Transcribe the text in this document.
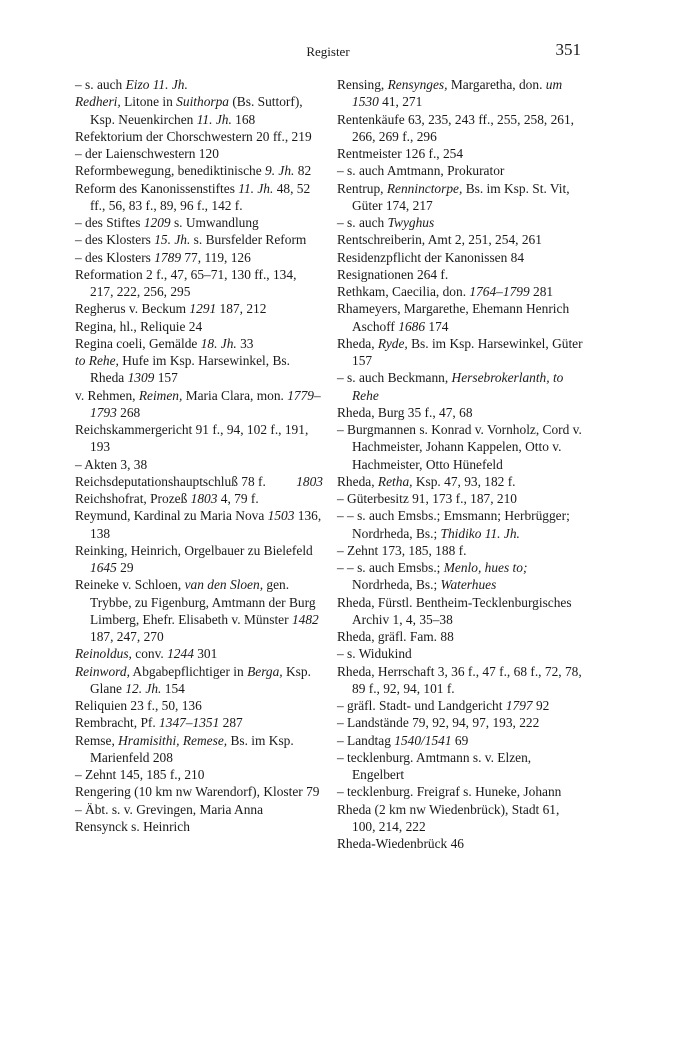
Register	351
– s. auch Eizo 11. Jh.
Redheri, Litone in Suithorpa (Bs. Suttorf), Ksp. Neuenkirchen 11. Jh. 168
Refektorium der Chorschwestern 20 ff., 219
– der Laienschwestern 120
Reformbewegung, benediktinische 9. Jh. 82
Reform des Kanonissenstiftes 11. Jh. 48, 52 ff., 56, 83 f., 89, 96 f., 142 f.
– des Stiftes 1209 s. Umwandlung
– des Klosters 15. Jh. s. Bursfelder Reform
– des Klosters 1789 77, 119, 126
Reformation 2 f., 47, 65–71, 130 ff., 134, 217, 222, 256, 295
Regherus v. Beckum 1291 187, 212
Regina, hl., Reliquie 24
Regina coeli, Gemälde 18. Jh. 33
to Rehe, Hufe im Ksp. Harsewinkel, Bs. Rheda 1309 157
v. Rehmen, Reimen, Maria Clara, mon. 1779–1793 268
Reichskammergericht 91 f., 94, 102 f., 191, 193
– Akten 3, 38
Reichsdeputationshauptschluß	1803
78 f.
Reichshofrat, Prozeß 1803 4, 79 f.
Reymund, Kardinal zu Maria Nova 1503 136, 138
Reinking, Heinrich, Orgelbauer zu Bielefeld 1645 29
Reineke v. Schloen, van den Sloen, gen. Trybbe, zu Figenburg, Amtmann der Burg Limberg, Ehefr. Elisabeth v. Münster 1482 187, 247, 270
Reinoldus, conv. 1244 301
Reinword, Abgabepflichtiger in Berga, Ksp. Glane 12. Jh. 154
Reliquien 23 f., 50, 136
Rembracht, Pf. 1347–1351 287
Remse, Hramisithi, Remese, Bs. im Ksp. Marienfeld 208
– Zehnt 145, 185 f., 210
Rengering (10 km nw Warendorf), Kloster 79
– Äbt. s. v. Grevingen, Maria Anna
Rensynck s. Heinrich
Rensing, Rensynges, Margaretha, don. um 1530 41, 271
Rentenkäufe 63, 235, 243 ff., 255, 258, 261, 266, 269 f., 296
Rentmeister 126 f., 254
– s. auch Amtmann, Prokurator
Rentrup, Renninctorpe, Bs. im Ksp. St. Vit, Güter 174, 217
– s. auch Twyghus
Rentschreiberin, Amt 2, 251, 254, 261
Residenzpflicht der Kanonissen 84
Resignationen 264 f.
Rethkam, Caecilia, don. 1764–1799 281
Rhameyers, Margarethe, Ehemann Henrich Aschoff 1686 174
Rheda, Ryde, Bs. im Ksp. Harsewinkel, Güter 157
– s. auch Beckmann, Hersebrokerlanth, to Rehe
Rheda, Burg 35 f., 47, 68
– Burgmannen s. Konrad v. Vornholz, Cord v. Hachmeister, Johann Kappelen, Otto v. Hachmeister, Otto Hünefeld
Rheda, Retha, Ksp. 47, 93, 182 f.
– Güterbesitz 91, 173 f., 187, 210
– – s. auch Emsbs.; Emsmann; Herbrügger; Nordrheda, Bs.; Thidiko 11. Jh.
– Zehnt 173, 185, 188 f.
– – s. auch Emsbs.; Menlo, hues to; Nordrheda, Bs.; Waterhues
Rheda, Fürstl. Bentheim-Tecklenburgisches Archiv 1, 4, 35–38
Rheda, gräfl. Fam. 88
– s. Widukind
Rheda, Herrschaft 3, 36 f., 47 f., 68 f., 72, 78, 89 f., 92, 94, 101 f.
– gräfl. Stadt- und Landgericht 1797 92
– Landstände 79, 92, 94, 97, 193, 222
– Landtag 1540/1541 69
– tecklenburg. Amtmann s. v. Elzen, Engelbert
– tecklenburg. Freigraf s. Huneke, Johann
Rheda (2 km nw Wiedenbrück), Stadt 61, 100, 214, 222
Rheda-Wiedenbrück 46
